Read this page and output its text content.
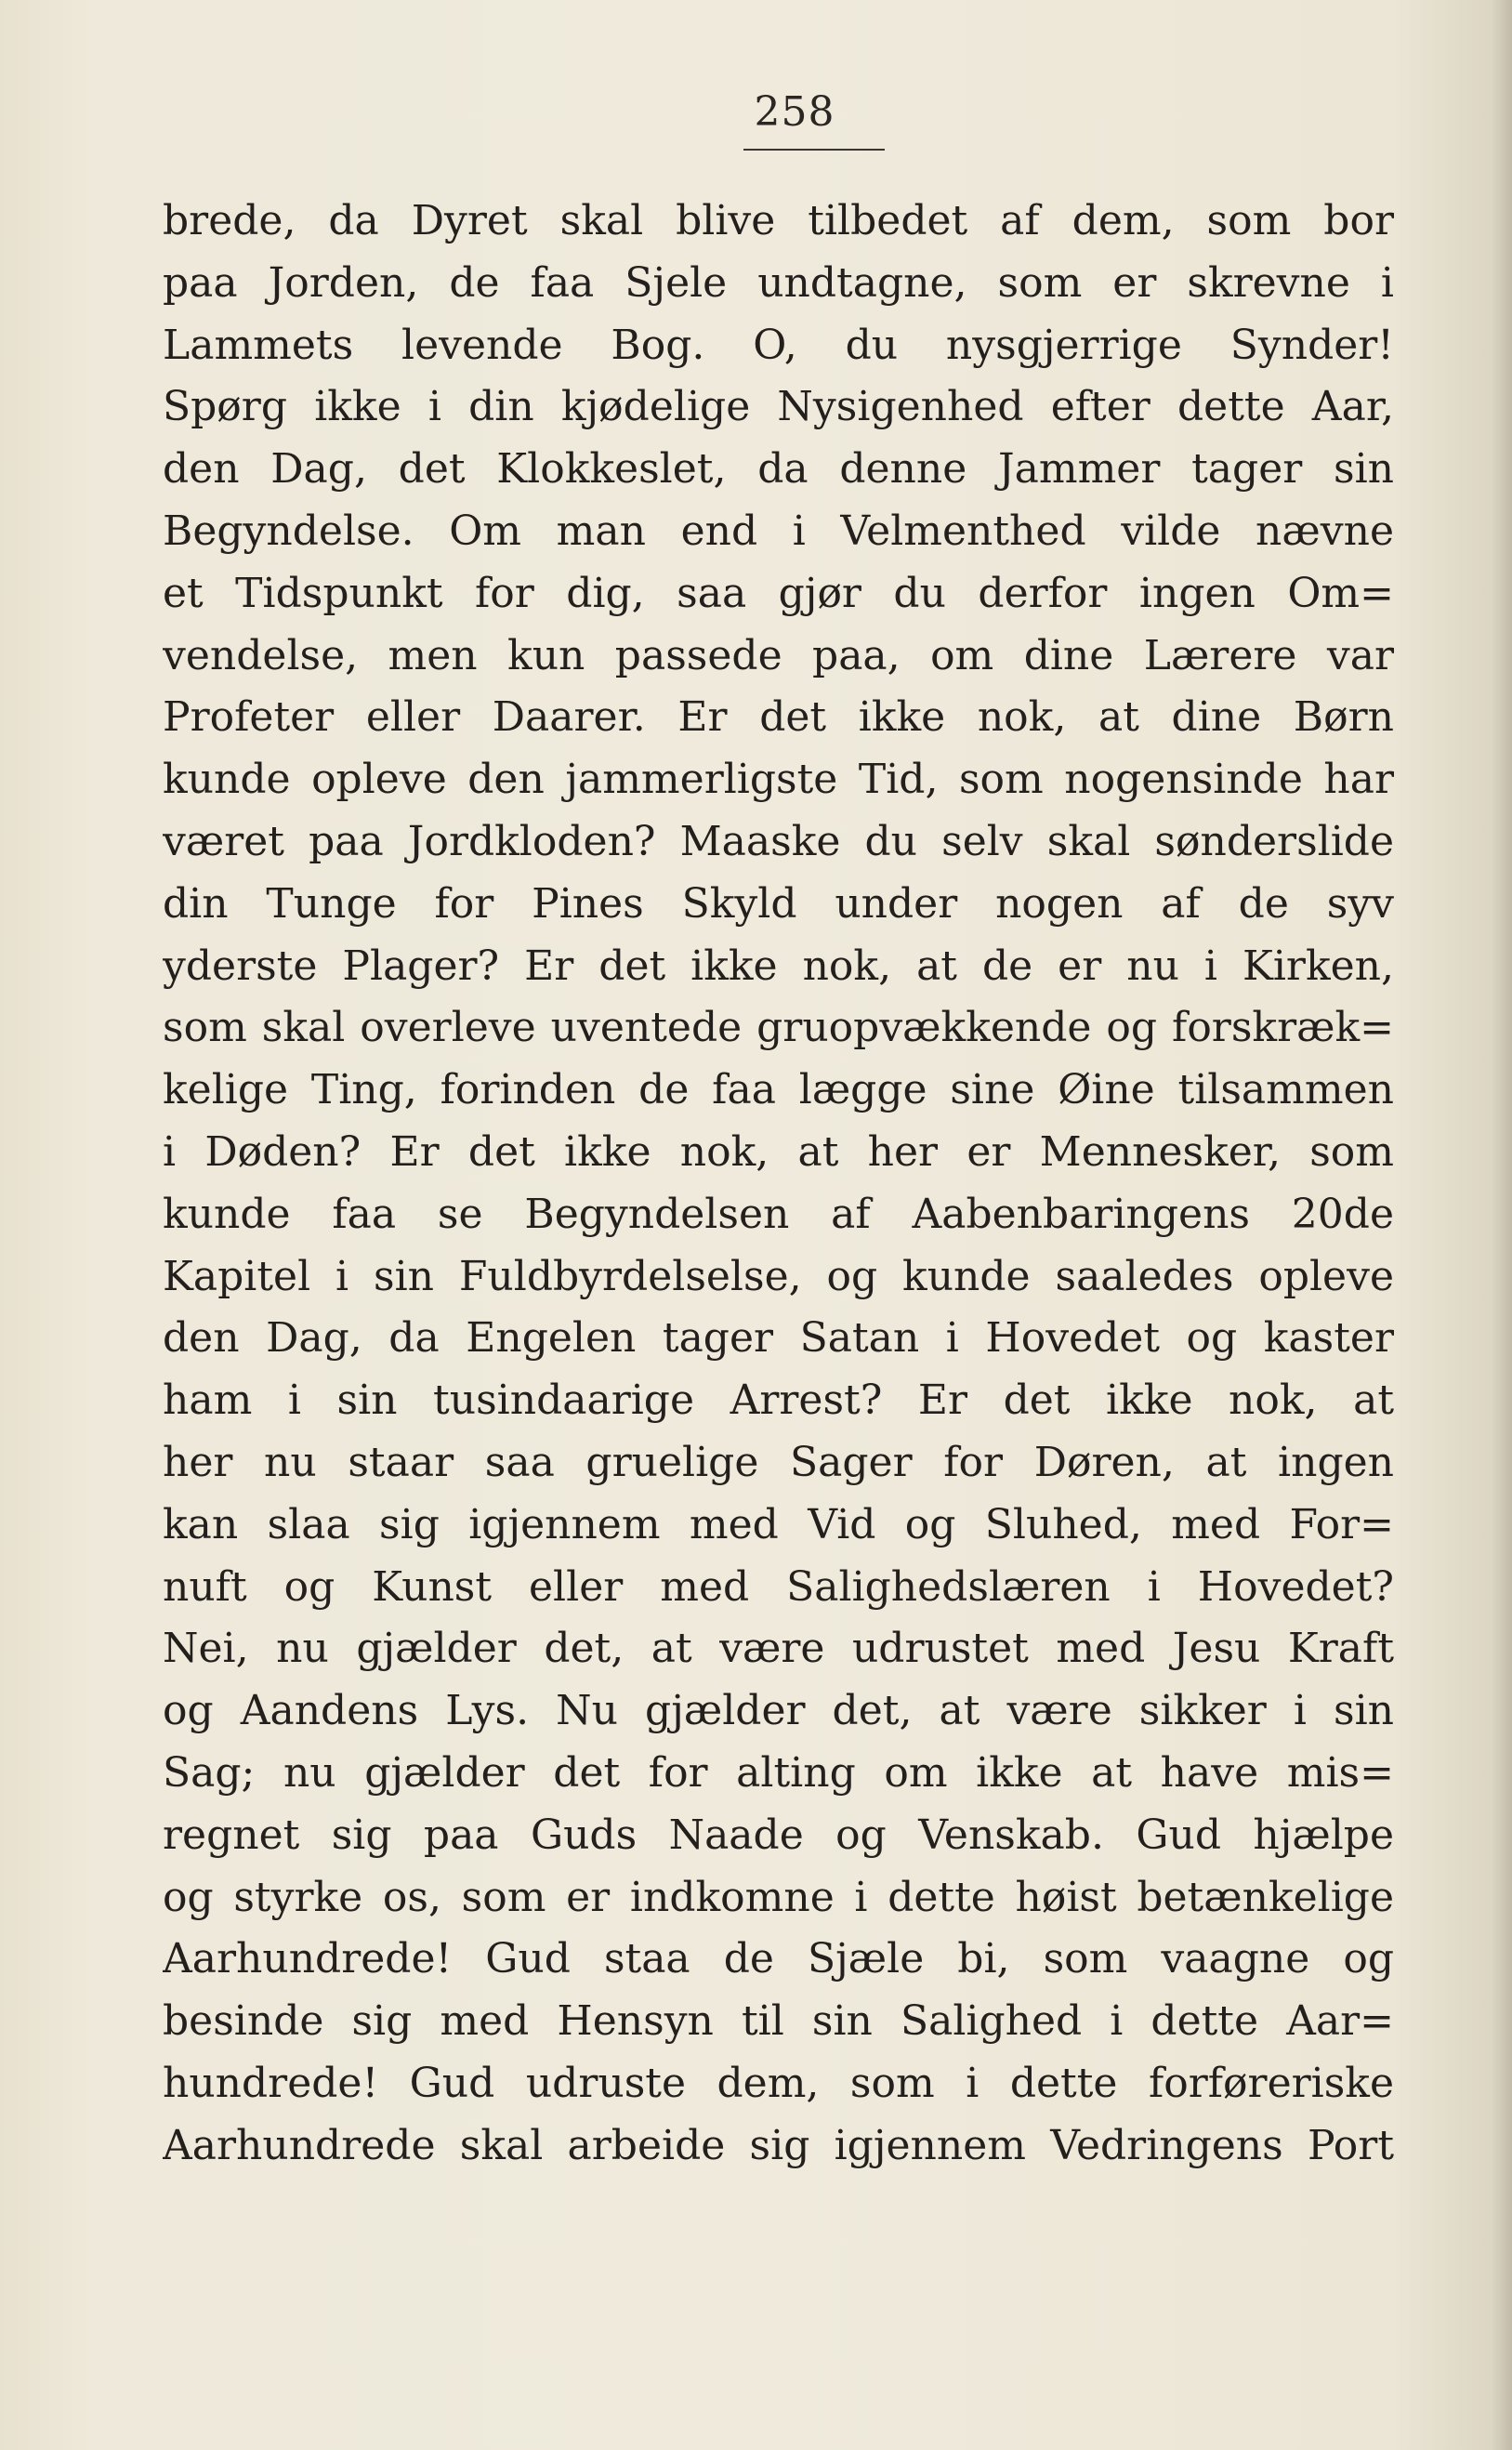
258
brede, da Dyret skal blive tilbedet af dem, som bor
paa Jorden, de faa Sjele undtagne, som er skrevne i
Lammets levende Bog. O, du nysgjerrige Synder!
Spørg ikke i din kjødelige Nysigenhed efter dette Aar,
den Dag, det Klokkeslet, da denne Jammer tager sin
Begyndelse. Om man end i Velmenthed vilde nævne
et Tidspunkt for dig, saa gjør du derfor ingen Om=
vendelse, men kun passede paa, om dine Lærere var
Profeter eller Daarer. Er det ikke nok, at dine Børn
kunde opleve den jammerligste Tid, som nogensinde har
været paa Jordkloden? Maaske du selv skal sønderslide
din Tunge for Pines Skyld under nogen af de syv
yderste Plager? Er det ikke nok, at de er nu i Kirken,
som skal overleve uventede gruopvækkende og forskræk=
kelige Ting, forinden de faa lægge sine Øine tilsammen
i Døden? Er det ikke nok, at her er Mennesker, som
kunde faa se Begyndelsen af Aabenbaringens 20de
Kapitel i sin Fuldbyrdelselse, og kunde saaledes opleve
den Dag, da Engelen tager Satan i Hovedet og kaster
ham i sin tusindaarige Arrest? Er det ikke nok, at
her nu staar saa gruelige Sager for Døren, at ingen
kan slaa sig igjennem med Vid og Sluhed, med For=
nuft og Kunst eller med Salighedslæren i Hovedet?
Nei, nu gjælder det, at være udrustet med Jesu Kraft
og Aandens Lys. Nu gjælder det, at være sikker i sin
Sag; nu gjælder det for alting om ikke at have mis=
regnet sig paa Guds Naade og Venskab. Gud hjælpe
og styrke os, som er indkomne i dette høist betænkelige
Aarhundrede! Gud staa de Sjæle bi, som vaagne og
besinde sig med Hensyn til sin Salighed i dette Aar=
hundrede! Gud udruste dem, som i dette forføreriske
Aarhundrede skal arbeide sig igjennem Vedringens Port
